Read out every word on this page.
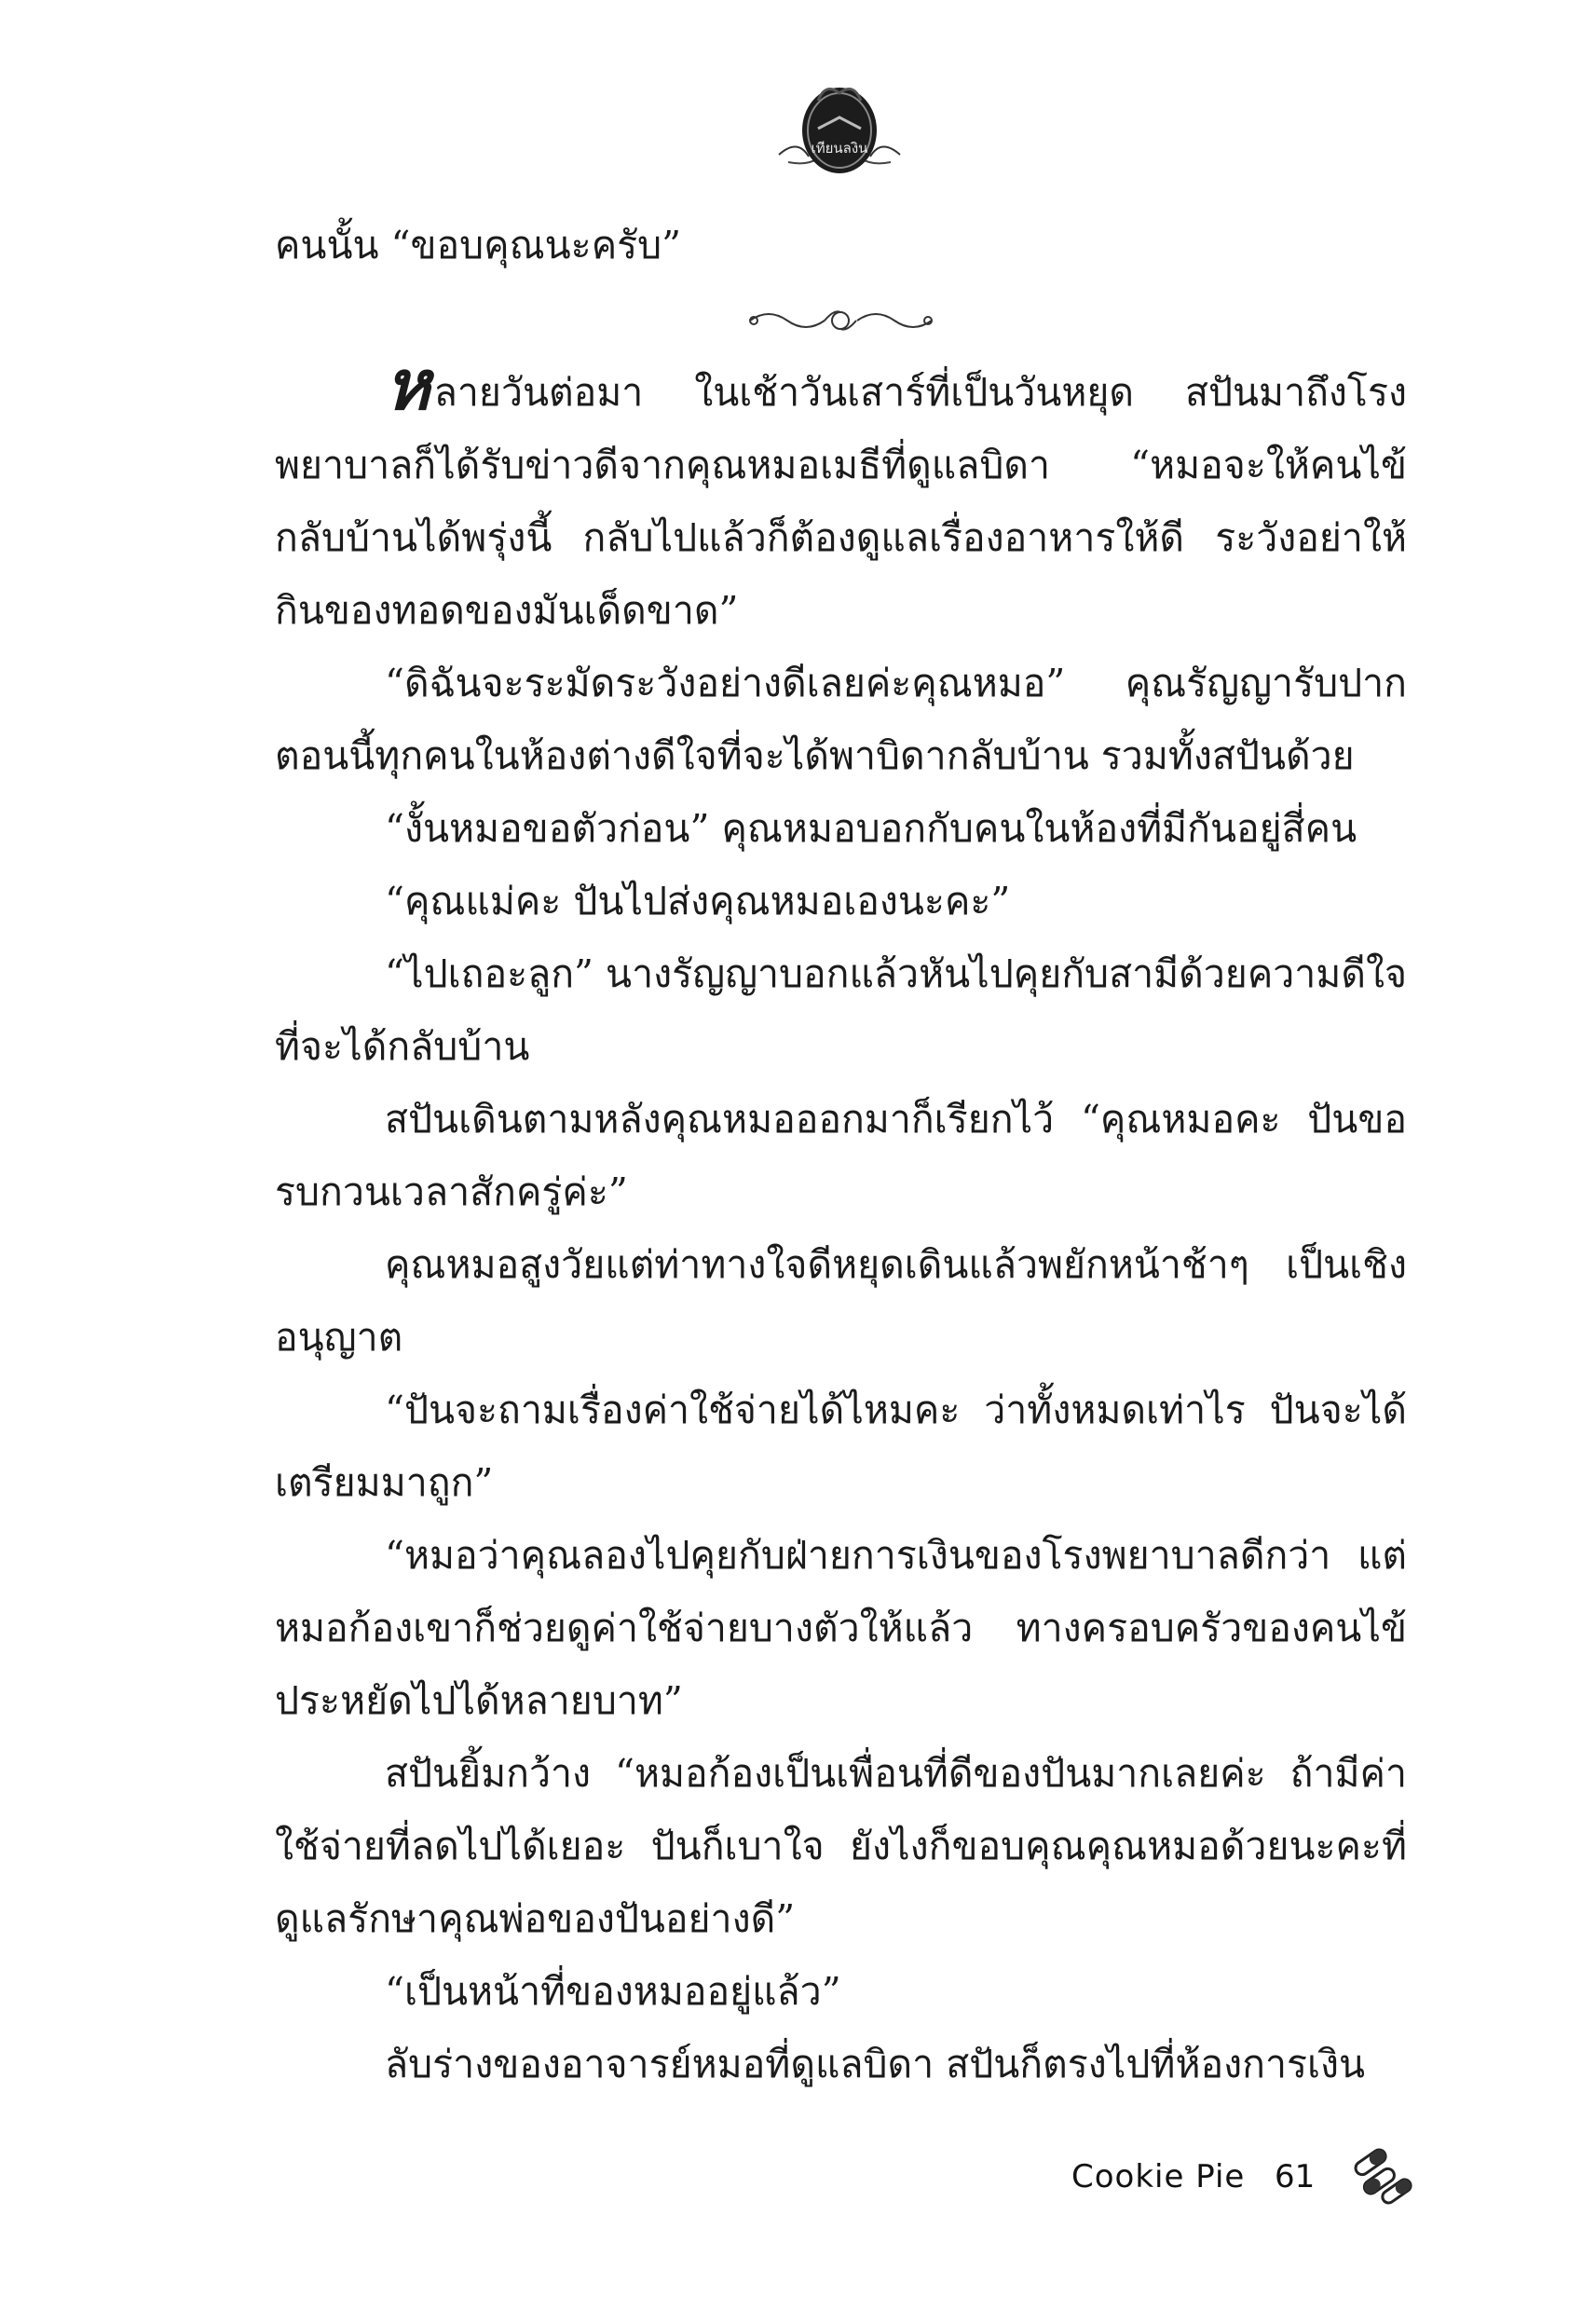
เทียนลงิน

คนนั้น “ขอบคุณนะครับ”

หลายวันต่อมา ในเช้าวันเสาร์ที่เป็นวันหยุด สปันมาถึงโรงพยาบาลก็ได้รับข่าวดีจากคุณหมอเมธีที่ดูแลบิดา “หมอจะให้คนไข้กลับบ้านได้พรุ่งนี้ กลับไปแล้วก็ต้องดูแลเรื่องอาหารให้ดี ระวังอย่าให้กินของทอดของมันเด็ดขาด”

“ดิฉันจะระมัดระวังอย่างดีเลยค่ะคุณหมอ” คุณรัญญารับปาก ตอนนี้ทุกคนในห้องต่างดีใจที่จะได้พาบิดากลับบ้าน รวมทั้งสปันด้วย

“งั้นหมอขอตัวก่อน” คุณหมอบอกกับคนในห้องที่มีกันอยู่สี่คน

“คุณแม่คะ ปันไปส่งคุณหมอเองนะคะ”

“ไปเถอะลูก” นางรัญญาบอกแล้วหันไปคุยกับสามีด้วยความดีใจที่จะได้กลับบ้าน

สปันเดินตามหลังคุณหมอออกมาก็เรียกไว้ “คุณหมอคะ ปันขอรบกวนเวลาสักครู่ค่ะ”

คุณหมอสูงวัยแต่ท่าทางใจดีหยุดเดินแล้วพยักหน้าช้าๆ เป็นเชิงอนุญาต

“ปันจะถามเรื่องค่าใช้จ่ายได้ไหมคะ ว่าทั้งหมดเท่าไร ปันจะได้เตรียมมาถูก”

“หมอว่าคุณลองไปคุยกับฝ่ายการเงินของโรงพยาบาลดีกว่า แต่หมอก้องเขาก็ช่วยดูค่าใช้จ่ายบางตัวให้แล้ว ทางครอบครัวของคนไข้ประหยัดไปได้หลายบาท”

สปันยิ้มกว้าง “หมอก้องเป็นเพื่อนที่ดีของปันมากเลยค่ะ ถ้ามีค่าใช้จ่ายที่ลดไปได้เยอะ ปันก็เบาใจ ยังไงก็ขอบคุณคุณหมอด้วยนะคะที่ดูแลรักษาคุณพ่อของปันอย่างดี”

“เป็นหน้าที่ของหมออยู่แล้ว”

ลับร่างของอาจารย์หมอที่ดูแลบิดา สปันก็ตรงไปที่ห้องการเงิน

Cookie Pie 61
